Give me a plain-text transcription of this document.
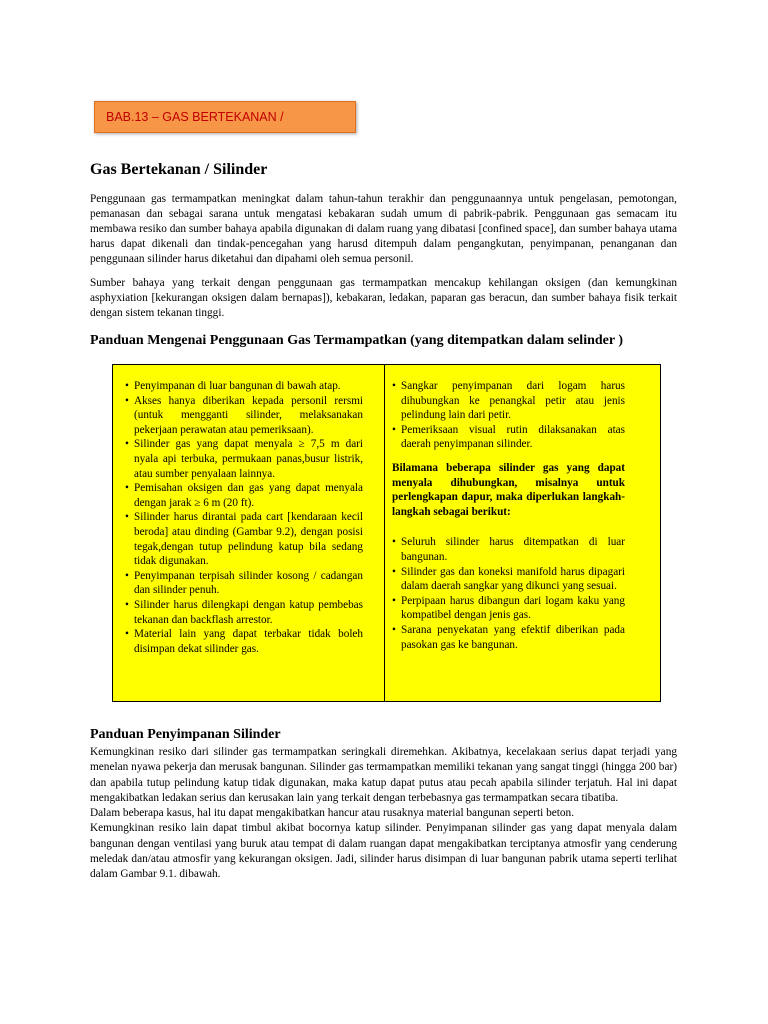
BAB.13 – GAS BERTEKANAN /
Gas Bertekanan / Silinder

Penggunaan gas termampatkan meningkat dalam tahun-tahun terakhir dan penggunaannya untuk pengelasan, pemotongan, pemanasan dan sebagai sarana untuk mengatasi kebakaran sudah umum di pabrik-pabrik. Penggunaan gas semacam itu membawa resiko dan sumber bahaya apabila digunakan di dalam ruang yang dibatasi [confined space], dan sumber bahaya utama harus dapat dikenali dan tindak-pencegahan yang harusd ditempuh dalam pengangkutan, penyimpanan, penanganan dan penggunaan silinder harus diketahui dan dipahami oleh semua personil.

Sumber bahaya yang terkait dengan penggunaan gas termampatkan mencakup kehilangan oksigen (dan kemungkinan asphyxiation [kekurangan oksigen dalam bernapas]), kebakaran, ledakan, paparan gas beracun, dan sumber bahaya fisik terkait dengan sistem tekanan tinggi.

Panduan Mengenai Penggunaan Gas Termampatkan (yang ditempatkan dalam selinder )
• Penyimpanan di luar bangunan di bawah atap.
• Akses hanya diberikan kepada personil rersmi (untuk mengganti silinder, melaksanakan pekerjaan perawatan atau pemeriksaan).
• Silinder gas yang dapat menyala ≥ 7,5 m dari nyala api terbuka, permukaan panas,busur listrik, atau sumber penyalaan lainnya.
• Pemisahan oksigen dan gas yang dapat menyala dengan jarak ≥ 6 m (20 ft).
• Silinder harus dirantai pada cart [kendaraan kecil beroda] atau dinding (Gambar 9.2), dengan posisi tegak,dengan tutup pelindung katup bila sedang tidak digunakan.
• Penyimpanan terpisah silinder kosong / cadangan dan silinder penuh.
• Silinder harus dilengkapi dengan katup pembebas tekanan dan backflash arrestor.
• Material lain yang dapat terbakar tidak boleh disimpan dekat silinder gas.
• Sangkar penyimpanan dari logam harus dihubungkan ke penangkal petir atau jenis pelindung lain dari petir.
• Pemeriksaan visual rutin dilaksanakan atas daerah penyimpanan silinder.
Bilamana beberapa silinder gas yang dapat menyala dihubungkan, misalnya untuk perlengkapan dapur, maka diperlukan langkah-langkah sebagai berikut:
• Seluruh silinder harus ditempatkan di luar bangunan.
• Silinder gas dan koneksi manifold harus dipagari dalam daerah sangkar yang dikunci yang sesuai.
• Perpipaan harus dibangun dari logam kaku yang kompatibel dengan jenis gas.
• Sarana penyekatan yang efektif diberikan pada pasokan gas ke bangunan.
Panduan Penyimpanan Silinder

Kemungkinan resiko dari silinder gas termampatkan seringkali diremehkan. Akibatnya, kecelakaan serius dapat terjadi yang menelan nyawa pekerja dan merusak bangunan. Silinder gas termampatkan memiliki tekanan yang sangat tinggi (hingga 200 bar) dan apabila tutup pelindung katup tidak digunakan, maka katup dapat putus atau pecah apabila silinder terjatuh. Hal ini dapat mengakibatkan ledakan serius dan kerusakan lain yang terkait dengan terbebasnya gas termampatkan secara tibatiba.

Dalam beberapa kasus, hal itu dapat mengakibatkan hancur atau rusaknya material bangunan seperti beton.

Kemungkinan resiko lain dapat timbul akibat bocornya katup silinder. Penyimpanan silinder gas yang dapat menyala dalam bangunan dengan ventilasi yang buruk atau tempat di dalam ruangan dapat mengakibatkan terciptanya atmosfir yang cenderung meledak dan/atau atmosfir yang kekurangan oksigen. Jadi, silinder harus disimpan di luar bangunan pabrik utama seperti terlihat dalam Gambar 9.1. dibawah.
